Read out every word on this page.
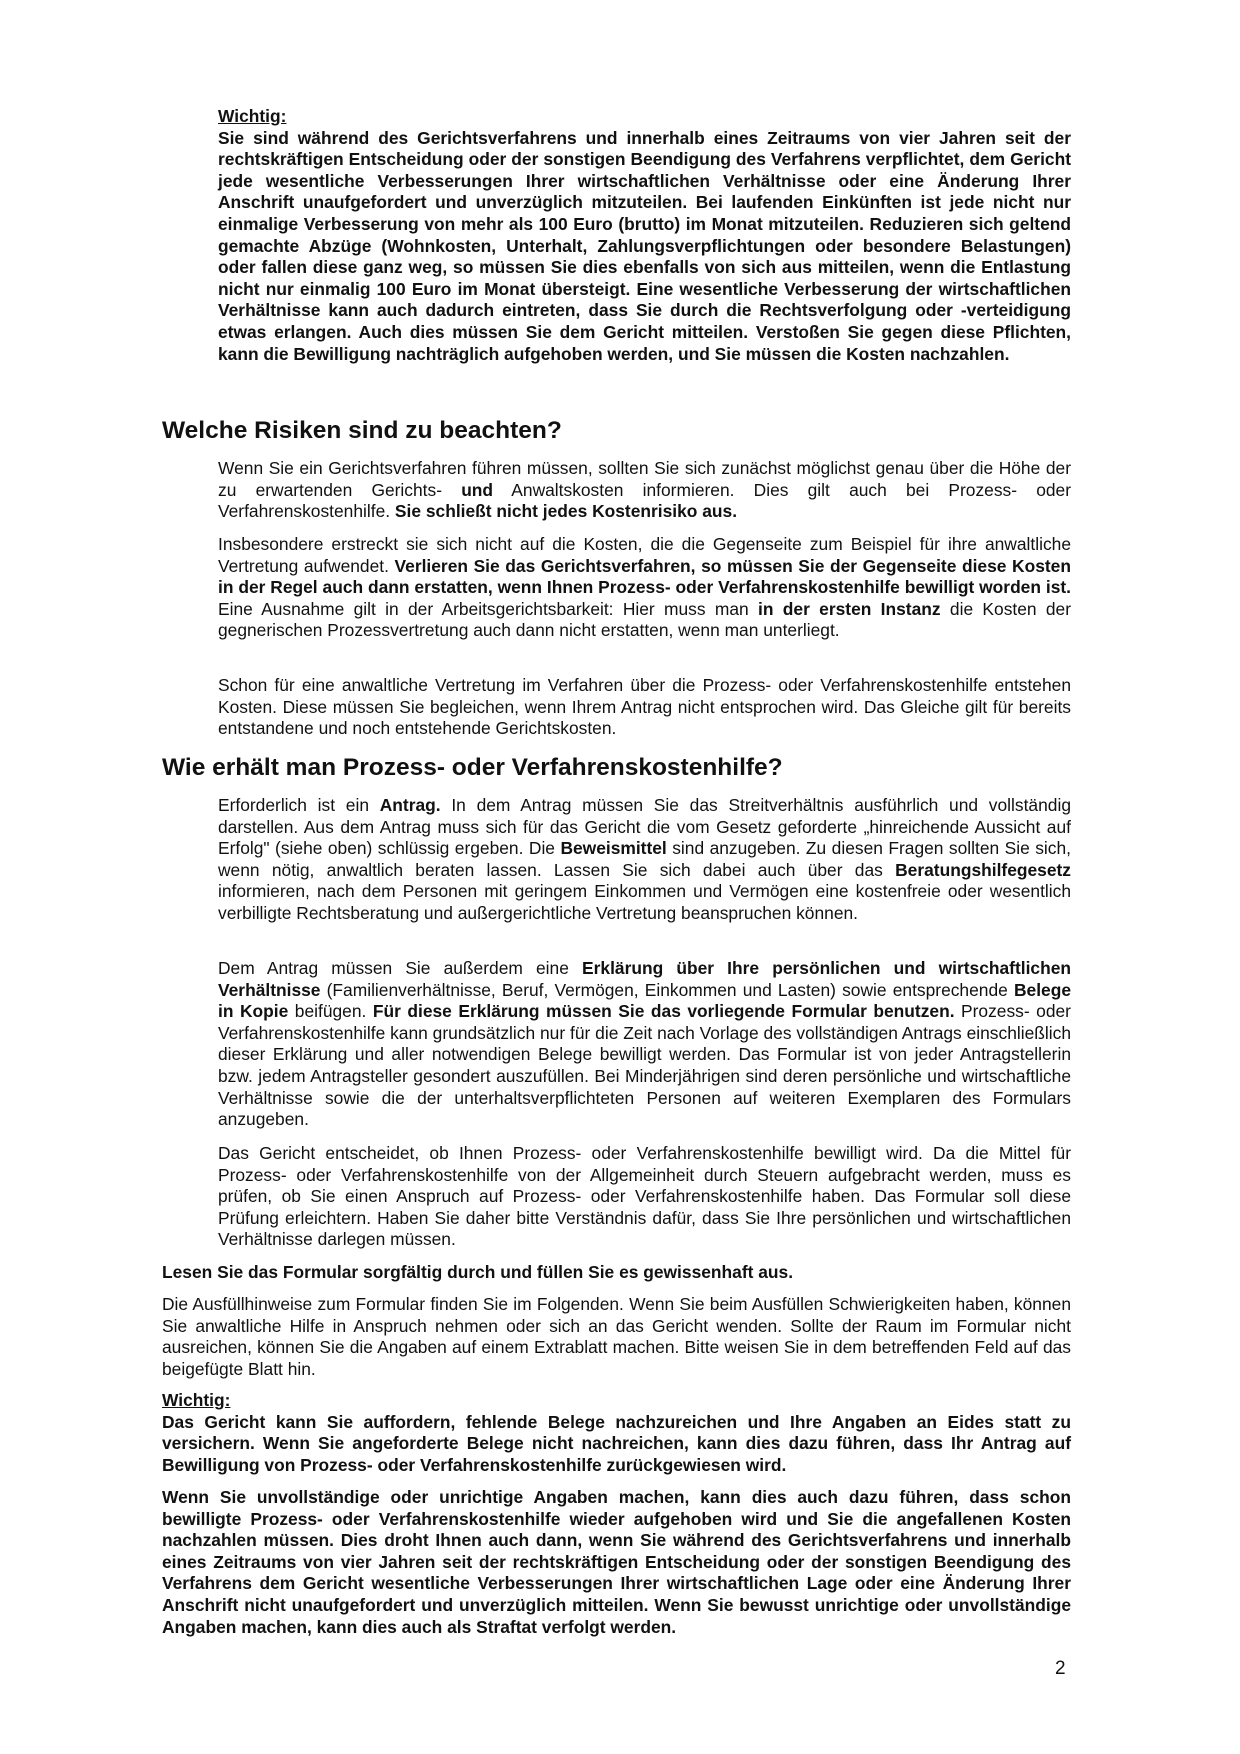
Wichtig:

Sie sind während des Gerichtsverfahrens und innerhalb eines Zeitraums von vier Jahren seit der rechtskräftigen Entscheidung oder der sonstigen Beendigung des Verfahrens verpflichtet, dem Gericht jede wesentliche Verbesserungen Ihrer wirtschaftlichen Verhältnisse oder eine Änderung Ihrer Anschrift unaufgefordert und unverzüglich mitzuteilen. Bei laufenden Einkünften ist jede nicht nur einmalige Verbesserung von mehr als 100 Euro (brutto) im Monat mitzuteilen. Reduzieren sich geltend gemachte Abzüge (Wohnkosten, Unterhalt, Zahlungsverpflichtungen oder besondere Belastungen) oder fallen diese ganz weg, so müssen Sie dies ebenfalls von sich aus mitteilen, wenn die Entlastung nicht nur einmalig 100 Euro im Monat übersteigt. Eine wesentliche Verbesserung der wirtschaftlichen Verhältnisse kann auch dadurch eintreten, dass Sie durch die Rechtsverfolgung oder -verteidigung etwas erlangen. Auch dies müssen Sie dem Gericht mitteilen. Verstoßen Sie gegen diese Pflichten, kann die Bewilligung nachträglich aufgehoben werden, und Sie müssen die Kosten nachzahlen.

Welche Risiken sind zu beachten?

Wenn Sie ein Gerichtsverfahren führen müssen, sollten Sie sich zunächst möglichst genau über die Höhe der zu erwartenden Gerichts- und Anwaltskosten informieren. Dies gilt auch bei Prozess- oder Verfahrenskostenhilfe. Sie schließt nicht jedes Kostenrisiko aus.

Insbesondere erstreckt sie sich nicht auf die Kosten, die die Gegenseite zum Beispiel für ihre anwaltliche Vertretung aufwendet. Verlieren Sie das Gerichtsverfahren, so müssen Sie der Gegenseite diese Kosten in der Regel auch dann erstatten, wenn Ihnen Prozess- oder Verfahrenskostenhilfe bewilligt worden ist. Eine Ausnahme gilt in der Arbeitsgerichtsbarkeit: Hier muss man in der ersten Instanz die Kosten der gegnerischen Prozessvertretung auch dann nicht erstatten, wenn man unterliegt.

Schon für eine anwaltliche Vertretung im Verfahren über die Prozess- oder Verfahrenskostenhilfe entstehen Kosten. Diese müssen Sie begleichen, wenn Ihrem Antrag nicht entsprochen wird. Das Gleiche gilt für bereits entstandene und noch entstehende Gerichtskosten.

Wie erhält man Prozess- oder Verfahrenskostenhilfe?

Erforderlich ist ein Antrag. In dem Antrag müssen Sie das Streitverhältnis ausführlich und vollständig darstellen. Aus dem Antrag muss sich für das Gericht die vom Gesetz geforderte „hinreichende Aussicht auf Erfolg" (siehe oben) schlüssig ergeben. Die Beweismittel sind anzugeben. Zu diesen Fragen sollten Sie sich, wenn nötig, anwaltlich beraten lassen. Lassen Sie sich dabei auch über das Beratungshilfegesetz informieren, nach dem Personen mit geringem Einkommen und Vermögen eine kostenfreie oder wesentlich verbilligte Rechtsberatung und außergerichtliche Vertretung beanspruchen können.

Dem Antrag müssen Sie außerdem eine Erklärung über Ihre persönlichen und wirtschaftlichen Verhältnisse (Familienverhältnisse, Beruf, Vermögen, Einkommen und Lasten) sowie entsprechende Belege in Kopie beifügen. Für diese Erklärung müssen Sie das vorliegende Formular benutzen. Prozess- oder Verfahrenskostenhilfe kann grundsätzlich nur für die Zeit nach Vorlage des vollständigen Antrags einschließlich dieser Erklärung und aller notwendigen Belege bewilligt werden. Das Formular ist von jeder Antragstellerin bzw. jedem Antragsteller gesondert auszufüllen. Bei Minderjährigen sind deren persönliche und wirtschaftliche Verhältnisse sowie die der unterhaltsverpflichteten Personen auf weiteren Exemplaren des Formulars anzugeben.

Das Gericht entscheidet, ob Ihnen Prozess- oder Verfahrenskostenhilfe bewilligt wird. Da die Mittel für Prozess- oder Verfahrenskostenhilfe von der Allgemeinheit durch Steuern aufgebracht werden, muss es prüfen, ob Sie einen Anspruch auf Prozess- oder Verfahrenskostenhilfe haben. Das Formular soll diese Prüfung erleichtern. Haben Sie daher bitte Verständnis dafür, dass Sie Ihre persönlichen und wirtschaftlichen Verhältnisse darlegen müssen.

Lesen Sie das Formular sorgfältig durch und füllen Sie es gewissenhaft aus.

Die Ausfüllhinweise zum Formular finden Sie im Folgenden. Wenn Sie beim Ausfüllen Schwierigkeiten haben, können Sie anwaltliche Hilfe in Anspruch nehmen oder sich an das Gericht wenden. Sollte der Raum im Formular nicht ausreichen, können Sie die Angaben auf einem Extrablatt machen. Bitte weisen Sie in dem betreffenden Feld auf das beigefügte Blatt hin.

Wichtig:

Das Gericht kann Sie auffordern, fehlende Belege nachzureichen und Ihre Angaben an Eides statt zu versichern. Wenn Sie angeforderte Belege nicht nachreichen, kann dies dazu führen, dass Ihr Antrag auf Bewilligung von Prozess- oder Verfahrenskostenhilfe zurückgewiesen wird.

Wenn Sie unvollständige oder unrichtige Angaben machen, kann dies auch dazu führen, dass schon bewilligte Prozess- oder Verfahrenskostenhilfe wieder aufgehoben wird und Sie die angefallenen Kosten nachzahlen müssen. Dies droht Ihnen auch dann, wenn Sie während des Gerichtsverfahrens und innerhalb eines Zeitraums von vier Jahren seit der rechtskräftigen Entscheidung oder der sonstigen Beendigung des Verfahrens dem Gericht wesentliche Verbesserungen Ihrer wirtschaftlichen Lage oder eine Änderung Ihrer Anschrift nicht unaufgefordert und unverzüglich mitteilen. Wenn Sie bewusst unrichtige oder unvollständige Angaben machen, kann dies auch als Straftat verfolgt werden.

2
